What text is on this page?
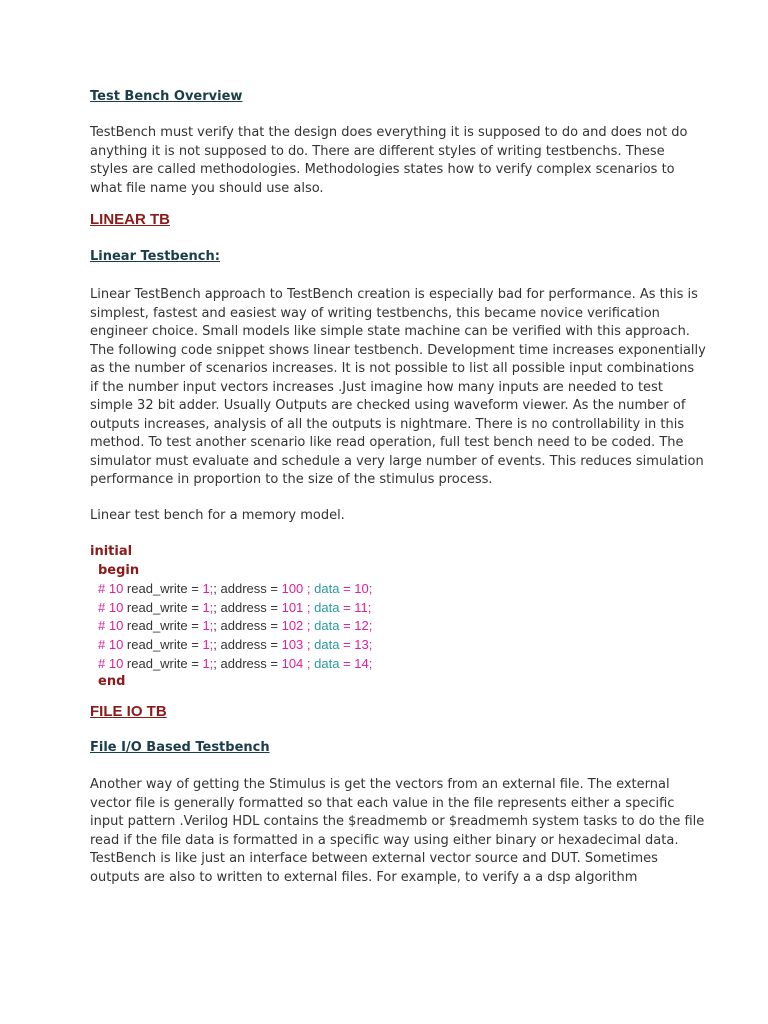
Test Bench Overview
TestBench must verify that the design does everything it is supposed to do and does not do
anything it is not supposed to do. There are different styles of writing testbenchs. These
styles are called methodologies. Methodologies states how to verify complex scenarios to
what file name you should use also.
LINEAR TB
Linear Testbench:
Linear TestBench approach to TestBench creation is especially bad for performance. As this is
simplest, fastest and easiest way of writing testbenchs, this became novice verification
engineer choice. Small models like simple state machine can be verified with this approach.
The following code snippet shows linear testbench. Development time increases exponentially
as the number of scenarios increases. It is not possible to list all possible input combinations
if the number input vectors increases .Just imagine how many inputs are needed to test
simple 32 bit adder. Usually Outputs are checked using waveform viewer. As the number of
outputs increases, analysis of all the outputs is nightmare. There is no controllability in this
method. To test another scenario like read operation, full test bench need to be coded. The
simulator must evaluate and schedule a very large number of events. This reduces simulation
performance in proportion to the size of the stimulus process.
Linear test bench for a memory model.
initial
begin
# 10 read_write = 1;; address = 100 ; data = 10;
# 10 read_write = 1;; address = 101 ; data = 11;
# 10 read_write = 1;; address = 102 ; data = 12;
# 10 read_write = 1;; address = 103 ; data = 13;
# 10 read_write = 1;; address = 104 ; data = 14;
end
FILE IO TB
File I/O Based Testbench
Another way of getting the Stimulus is get the vectors from an external file. The external
vector file is generally formatted so that each value in the file represents either a specific
input pattern .Verilog HDL contains the $readmemb or $readmemh system tasks to do the file
read if the file data is formatted in a specific way using either binary or hexadecimal data.
TestBench is like just an interface between external vector source and DUT. Sometimes
outputs are also to written to external files. For example, to verify a a dsp algorithm
